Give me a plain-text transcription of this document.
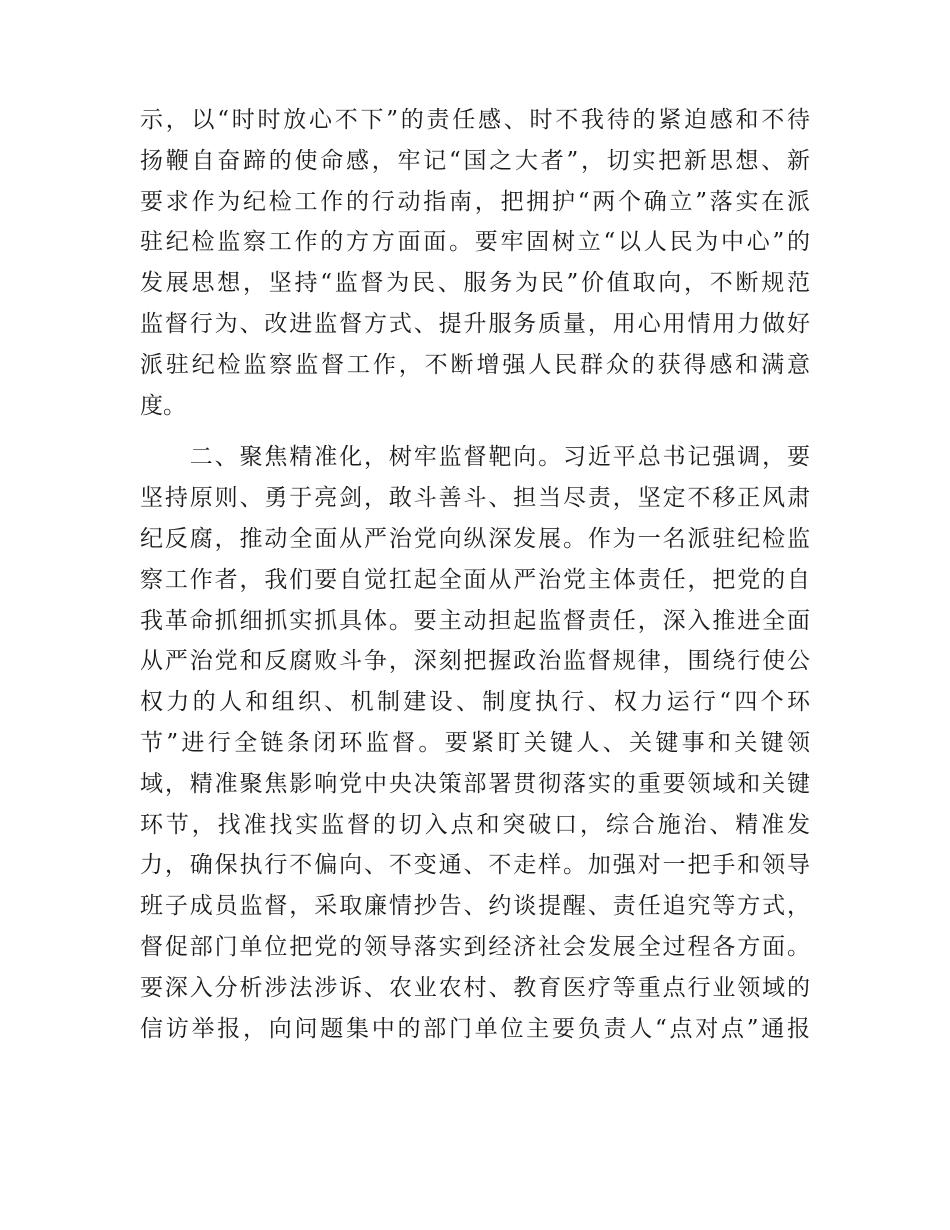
示，以“时时放心不下”的责任感、时不我待的紧迫感和不待
扬鞭自奋蹄的使命感，牢记“国之大者”，切实把新思想、新
要求作为纪检工作的行动指南，把拥护“两个确立”落实在派
驻纪检监察工作的方方面面。要牢固树立“以人民为中心”的
发展思想，坚持“监督为民、服务为民”价值取向，不断规范
监督行为、改进监督方式、提升服务质量，用心用情用力做好
派驻纪检监察监督工作，不断增强人民群众的获得感和满意
度。
　　二、聚焦精准化，树牢监督靶向。习近平总书记强调，要
坚持原则、勇于亮剑，敢斗善斗、担当尽责，坚定不移正风肃
纪反腐，推动全面从严治党向纵深发展。作为一名派驻纪检监
察工作者，我们要自觉扛起全面从严治党主体责任，把党的自
我革命抓细抓实抓具体。要主动担起监督责任，深入推进全面
从严治党和反腐败斗争，深刻把握政治监督规律，围绕行使公
权力的人和组织、机制建设、制度执行、权力运行“四个环
节”进行全链条闭环监督。要紧盯关键人、关键事和关键领
域，精准聚焦影响党中央决策部署贯彻落实的重要领域和关键
环节，找准找实监督的切入点和突破口，综合施治、精准发
力，确保执行不偏向、不变通、不走样。加强对一把手和领导
班子成员监督，采取廉情抄告、约谈提醒、责任追究等方式，
督促部门单位把党的领导落实到经济社会发展全过程各方面。
要深入分析涉法涉诉、农业农村、教育医疗等重点行业领域的
信访举报，向问题集中的部门单位主要负责人“点对点”通报
